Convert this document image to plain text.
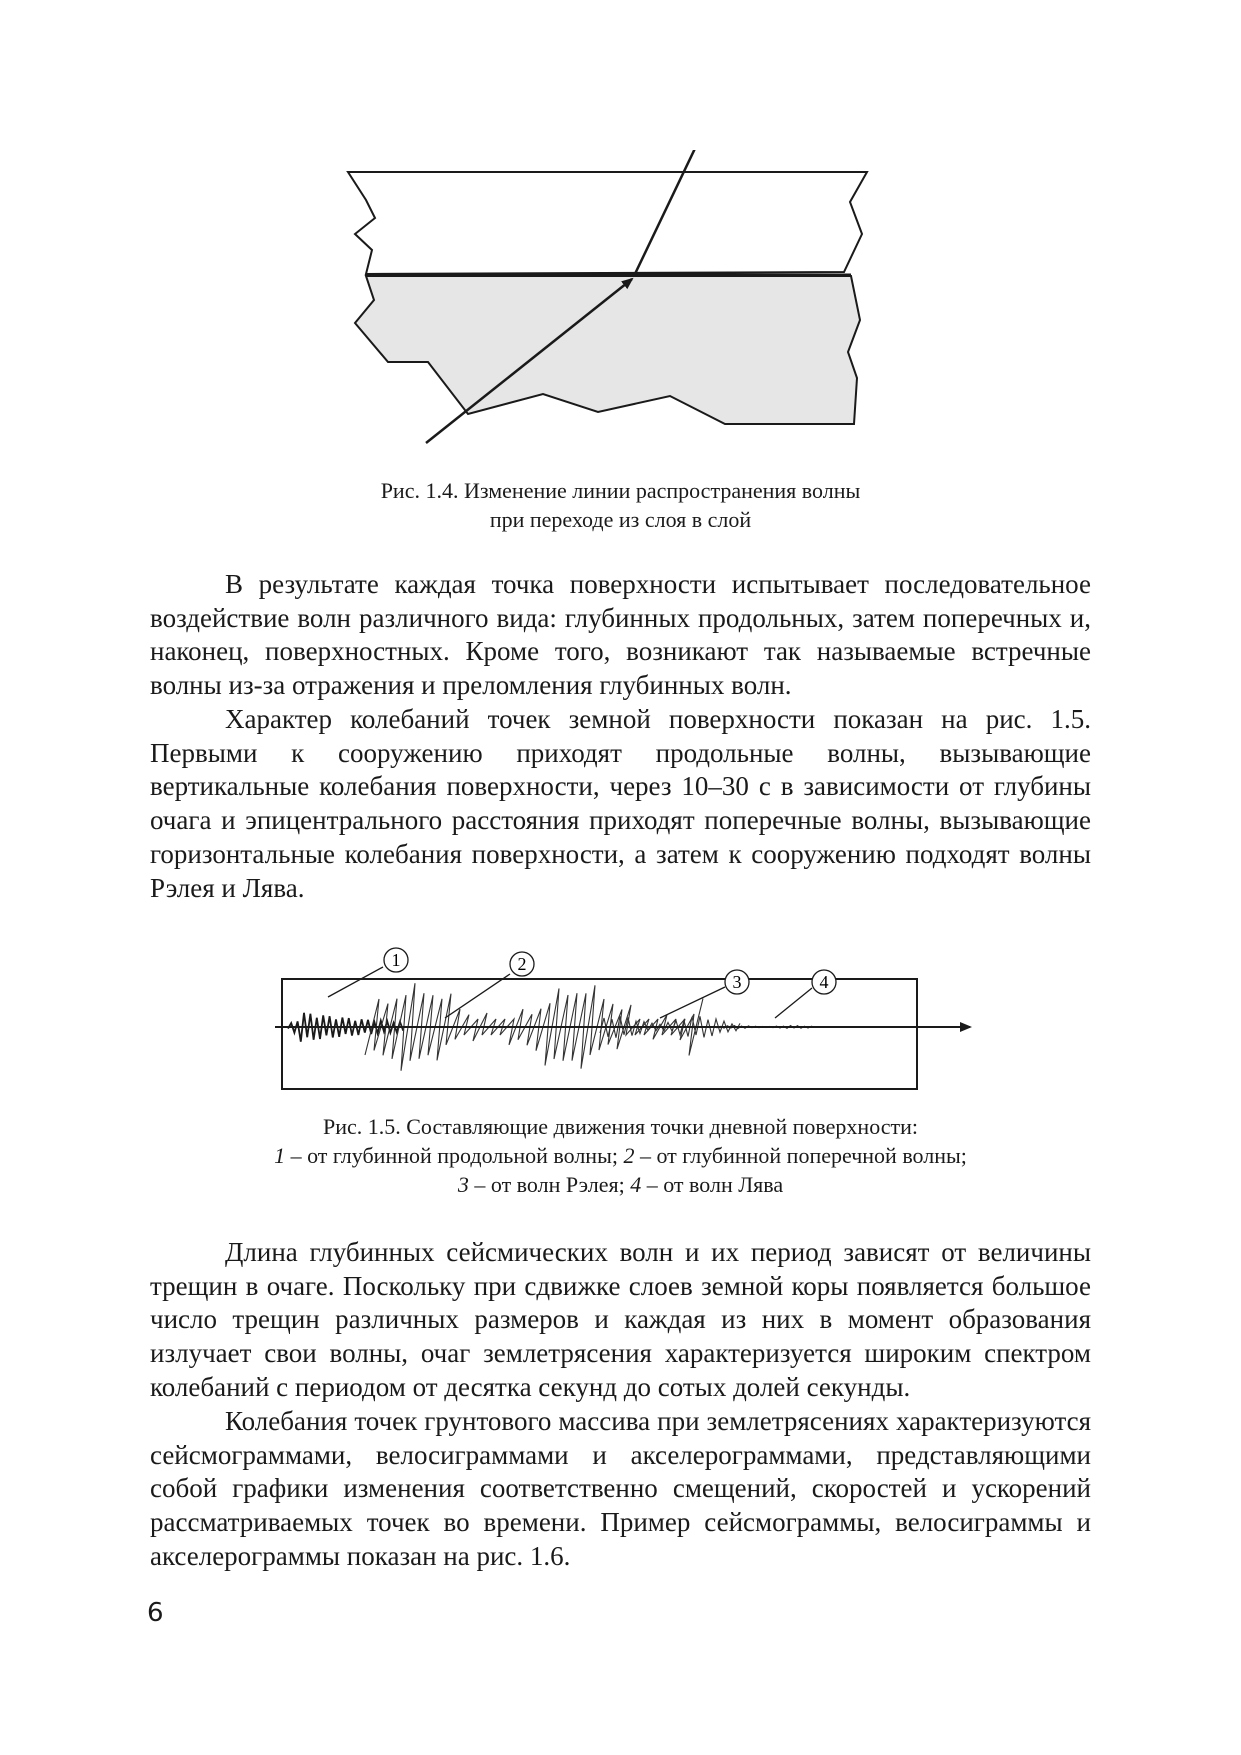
Рис. 1.4. Изменение линии распространения волны
при переходе из слоя в слой

В результате каждая точка поверхности испытывает последовательное воздействие волн различного вида: глубинных продольных, затем поперечных и, наконец, поверхностных. Кроме того, возникают так называемые встречные волны из-за отражения и преломления глубинных волн.

Характер колебаний точек земной поверхности показан на рис. 1.5. Первыми к сооружению приходят продольные волны, вызывающие вертикальные колебания поверхности, через 10–30 с в зависимости от глубины очага и эпицентрального расстояния приходят поперечные волны, вызывающие горизонтальные колебания поверхности, а затем к сооружению подходят волны Рэлея и Лява.

1	2
3	4
Рис. 1.5. Составляющие движения точки дневной поверхности:
1 – от глубинной продольной волны; 2 – от глубинной поперечной волны;
3 – от волн Рэлея; 4 – от волн Лява

Длина глубинных сейсмических волн и их период зависят от величины трещин в очаге. Поскольку при сдвижке слоев земной коры появляется большое число трещин различных размеров и каждая из них в момент образования излучает свои волны, очаг землетрясения характеризуется широким спектром колебаний с периодом от десятка секунд до сотых долей секунды.

Колебания точек грунтового массива при землетрясениях характеризуются сейсмограммами, велосиграммами и акселерограммами, представляющими собой графики изменения соответственно смещений, скоростей и ускорений рассматриваемых точек во времени. Пример сейсмограммы, велосиграммы и акселерограммы показан на рис. 1.6.

6
